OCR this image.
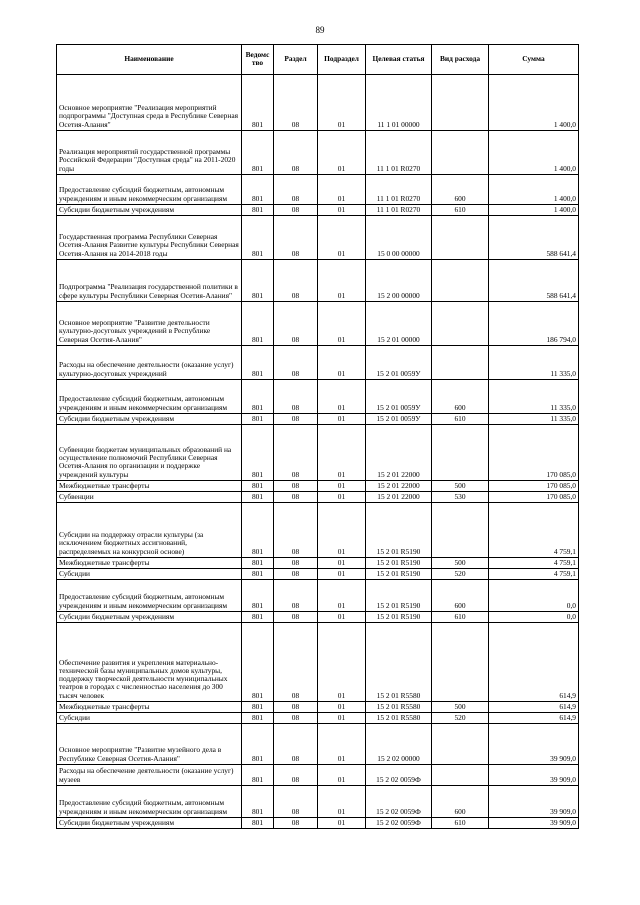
89
Наименование	Ведомс тво	Раздел	Подраздел	Целевая статья	Вид расхода	Сумма
Основное мероприятие "Реализация мероприятий подпрограммы "Доступная среда в Республике Северная Осетия-Алания"	801	08	01	11 1 01 00000		1 400,0
Реализация мероприятий государственной программы Российской Федерации "Доступная среда" на 2011-2020 годы	801	08	01	11 1 01 R0270		1 400,0
Предоставление субсидий бюджетным, автономным учреждениям и иным некоммерческим организациям	801	08	01	11 1 01 R0270	600	1 400,0
Субсидии бюджетным учреждениям	801	08	01	11 1 01 R0270	610	1 400,0
Государственная программа Республики Северная Осетия-Алания Развитие культуры Республики Северная Осетия-Алания на 2014-2018 годы	801	08	01	15 0 00 00000		588 641,4
Подпрограмма "Реализация государственной политики в сфере культуры Республики Северная Осетия-Алания"	801	08	01	15 2 00 00000		588 641,4
Основное мероприятие "Развитие деятельности культурно-досуговых учреждений в Республике Северная Осетия-Алания"	801	08	01	15 2 01 00000		186 794,0
Расходы на обеспечение деятельности (оказание услуг) культурно-досуговых учреждений	801	08	01	15 2 01 0059У		11 335,0
Предоставление субсидий бюджетным, автономным учреждениям и иным некоммерческим организациям	801	08	01	15 2 01 0059У	600	11 335,0
Субсидии бюджетным учреждениям	801	08	01	15 2 01 0059У	610	11 335,0
Субвенции бюджетам муниципальных образований на осуществление полномочий Республики Северная Осетия-Алания по организации и поддержке учреждений культуры	801	08	01	15 2 01 22000		170 085,0
Межбюджетные трансферты	801	08	01	15 2 01 22000	500	170 085,0
Субвенции	801	08	01	15 2 01 22000	530	170 085,0
Субсидии на поддержку отрасли культуры (за исключением бюджетных ассигнований, распределяемых на конкурсной основе)	801	08	01	15 2 01 R5190		4 759,1
Межбюджетные трансферты	801	08	01	15 2 01 R5190	500	4 759,1
Субсидии	801	08	01	15 2 01 R5190	520	4 759,1
Предоставление субсидий бюджетным, автономным учреждениям и иным некоммерческим организациям	801	08	01	15 2 01 R5190	600	0,0
Субсидии бюджетным учреждениям	801	08	01	15 2 01 R5190	610	0,0
Обеспечение развития и укрепления материально-технической базы муниципальных домов культуры, поддержку творческой деятельности муниципальных театров в городах с численностью населения до 300 тысяч человек	801	08	01	15 2 01 R5580		614,9
Межбюджетные трансферты	801	08	01	15 2 01 R5580	500	614,9
Субсидии	801	08	01	15 2 01 R5580	520	614,9
Основное мероприятие "Развитие музейного дела в Республике Северная Осетия-Алания"	801	08	01	15 2 02 00000		39 909,0
Расходы на обеспечение деятельности (оказание услуг) музеев	801	08	01	15 2 02 0059Ф		39 909,0
Предоставление субсидий бюджетным, автономным учреждениям и иным некоммерческим организациям	801	08	01	15 2 02 0059Ф	600	39 909,0
Субсидии бюджетным учреждениям	801	08	01	15 2 02 0059Ф	610	39 909,0
